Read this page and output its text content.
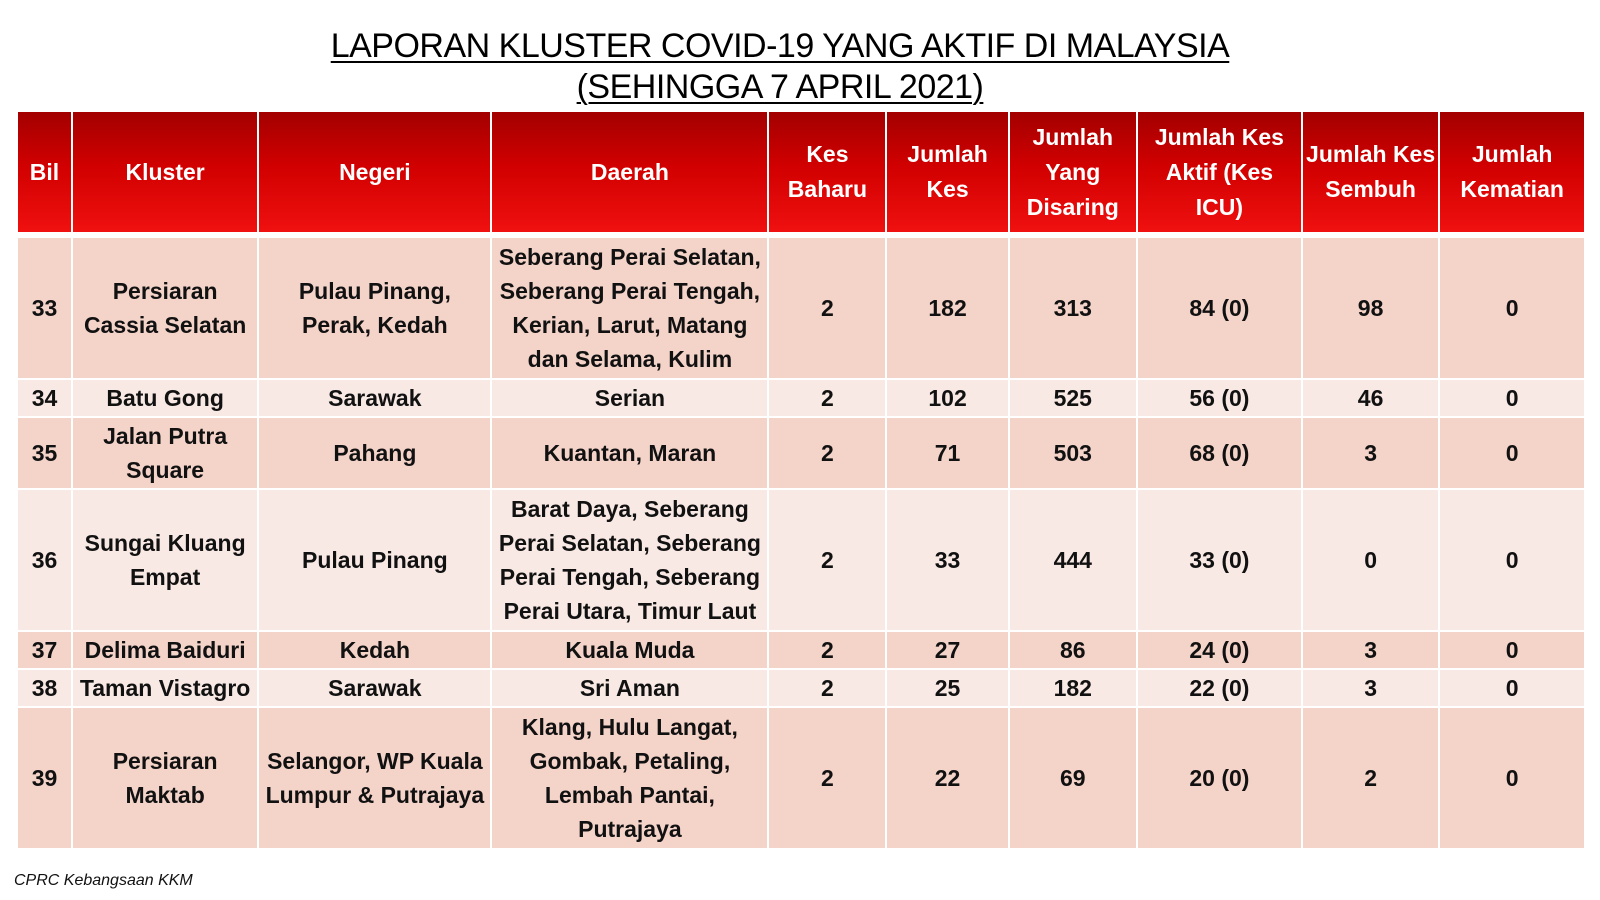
LAPORAN KLUSTER COVID-19 YANG AKTIF DI MALAYSIA
(SEHINGGA 7 APRIL 2021)
Bil	Kluster	Negeri	Daerah	Kes Baharu	Jumlah Kes	Jumlah Yang Disaring	Jumlah Kes Aktif (Kes ICU)	Jumlah Kes Sembuh	Jumlah Kematian
33	Persiaran Cassia Selatan	Pulau Pinang, Perak, Kedah	Seberang Perai Selatan, Seberang Perai Tengah, Kerian, Larut, Matang dan Selama, Kulim	2	182	313	84 (0)	98	0
34	Batu Gong	Sarawak	Serian	2	102	525	56 (0)	46	0
35	Jalan Putra Square	Pahang	Kuantan, Maran	2	71	503	68 (0)	3	0
36	Sungai Kluang Empat	Pulau Pinang	Barat Daya, Seberang Perai Selatan, Seberang Perai Tengah, Seberang Perai Utara, Timur Laut	2	33	444	33 (0)	0	0
37	Delima Baiduri	Kedah	Kuala Muda	2	27	86	24 (0)	3	0
38	Taman Vistagro	Sarawak	Sri Aman	2	25	182	22 (0)	3	0
39	Persiaran Maktab	Selangor, WP Kuala Lumpur & Putrajaya	Klang, Hulu Langat, Gombak, Petaling, Lembah Pantai, Putrajaya	2	22	69	20 (0)	2	0
CPRC Kebangsaan KKM
